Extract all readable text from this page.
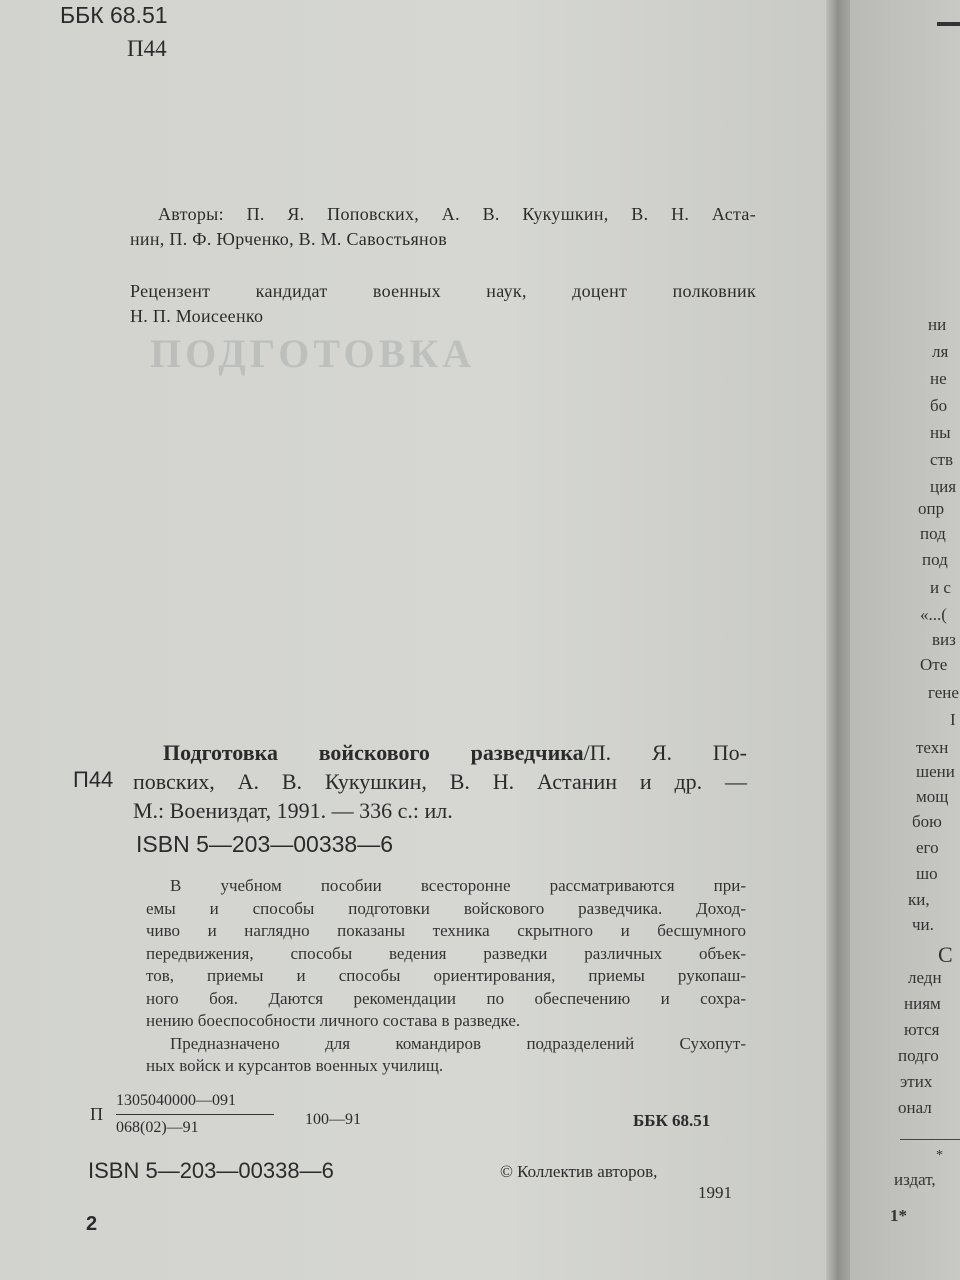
ПОДГОТОВКА
ББК 68.51
П44
Авторы: П. Я. Поповских, А. В. Кукушкин, В. Н. Аста-
нин, П. Ф. Юрченко, В. М. Савостьянов
Рецензент кандидат военных наук, доцент полковник
Н. П. Моисеенко
П44
Подготовка войскового разведчика/П. Я. По-
повских, А. В. Кукушкин, В. Н. Астанин и др. —
М.: Воениздат, 1991. — 336 с.: ил.
ISBN 5—203—00338—6
В учебном пособии всесторонне рассматриваются при-
емы и способы подготовки войскового разведчика. Доход-
чиво и наглядно показаны техника скрытного и бесшумного
передвижения, способы ведения разведки различных объек-
тов, приемы и способы ориентирования, приемы рукопаш-
ного боя. Даются рекомендации по обеспечению и сохра-
нению боеспособности личного состава в разведке.
Предназначено для командиров подразделений Сухопут-
ных войск и курсантов военных училищ.
П $\frac{1305040000—091}{068(02)—91}$ 100—91	ББК 68.51
ISBN 5—203—00338—6	© Коллектив авторов,
1991
2
ни
ля
не
бо
ны
ств
ция
опр
под
под
и с
«...(
виз
Оте
гене
I
техн
шени
мощ
бою
его
шо
ки,
чи.
С
ледн
ниям
ются
подго
этих
онал
*
издат,
1*
